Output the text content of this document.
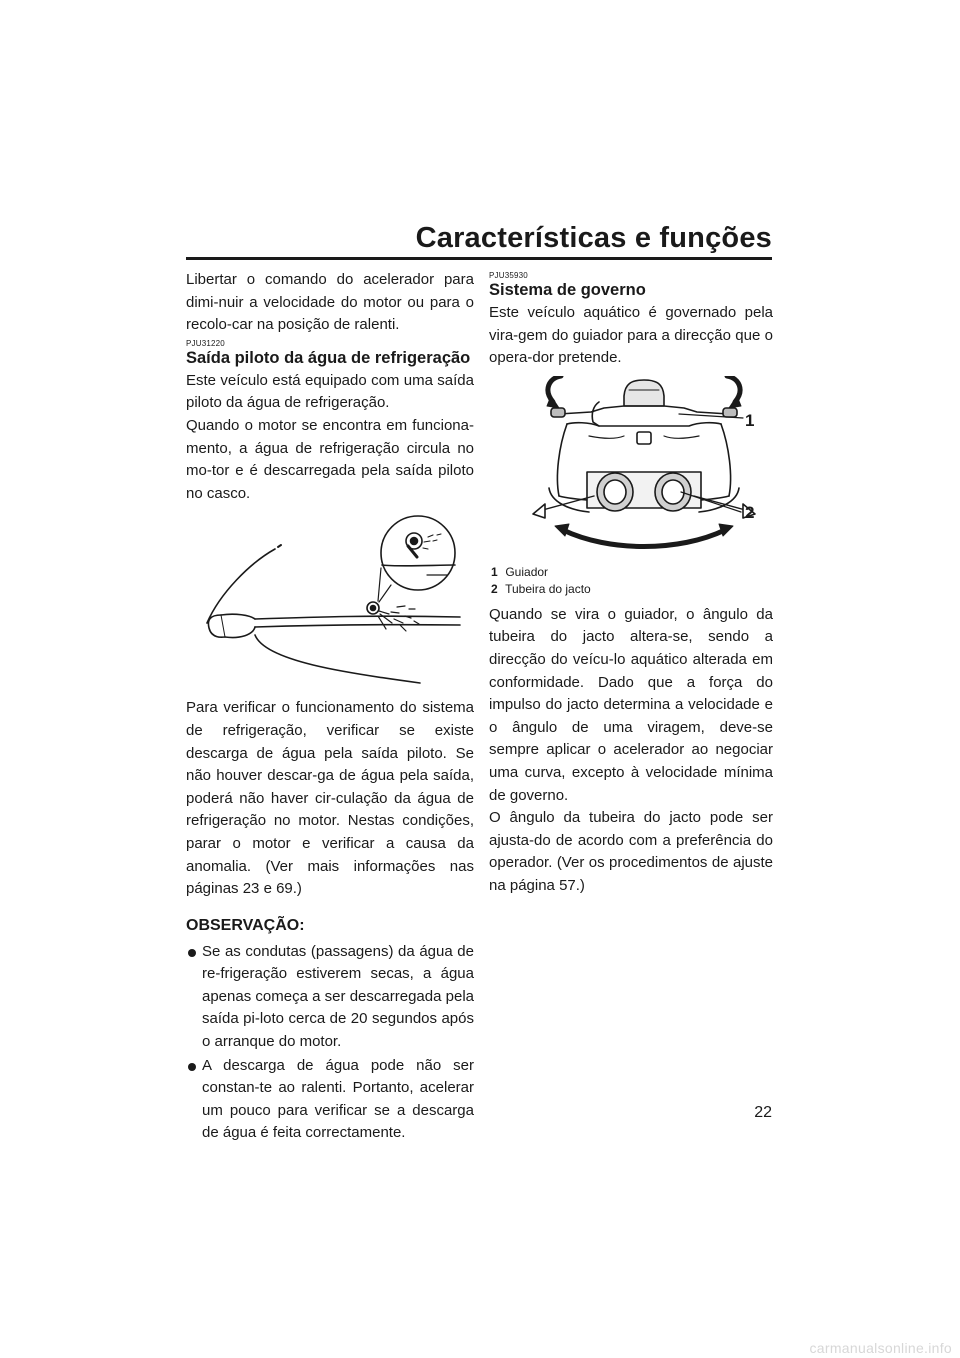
Características e funções

Libertar o comando do acelerador para dimi-nuir a velocidade do motor ou para o recolo-car na posição de ralenti.

PJU31220
Saída piloto da água de refrigeração

Este veículo está equipado com uma saída piloto da água de refrigeração.

Quando o motor se encontra em funciona-mento, a água de refrigeração circula no mo-tor e é descarregada pela saída piloto no casco.

Para verificar o funcionamento do sistema de refrigeração, verificar se existe descarga de água pela saída piloto. Se não houver descar-ga de água pela saída, poderá não haver cir-culação da água de refrigeração no motor. Nestas condições, parar o motor e verificar a causa da anomalia. (Ver mais informações nas páginas 23 e 69.)

OBSERVAÇÃO:
Se as condutas (passagens) da água de re-frigeração estiverem secas, a água apenas começa a ser descarregada pela saída pi-loto cerca de 20 segundos após o arranque do motor.
A descarga de água pode não ser constan-te ao ralenti. Portanto, acelerar um pouco para verificar se a descarga de água é feita correctamente.
PJU35930
Sistema de governo

Este veículo aquático é governado pela vira-gem do guiador para a direcção que o opera-dor pretende.

1
2
1 Guiador
2 Tubeira do jacto

Quando se vira o guiador, o ângulo da tubeira do jacto altera-se, sendo a direcção do veícu-lo aquático alterada em conformidade. Dado que a força do impulso do jacto determina a velocidade e o ângulo de uma viragem, deve-se sempre aplicar o acelerador ao negociar uma curva, excepto à velocidade mínima de governo.

O ângulo da tubeira do jacto pode ser ajusta-do de acordo com a preferência do operador. (Ver os procedimentos de ajuste na página 57.)

22
carmanualsonline.info
